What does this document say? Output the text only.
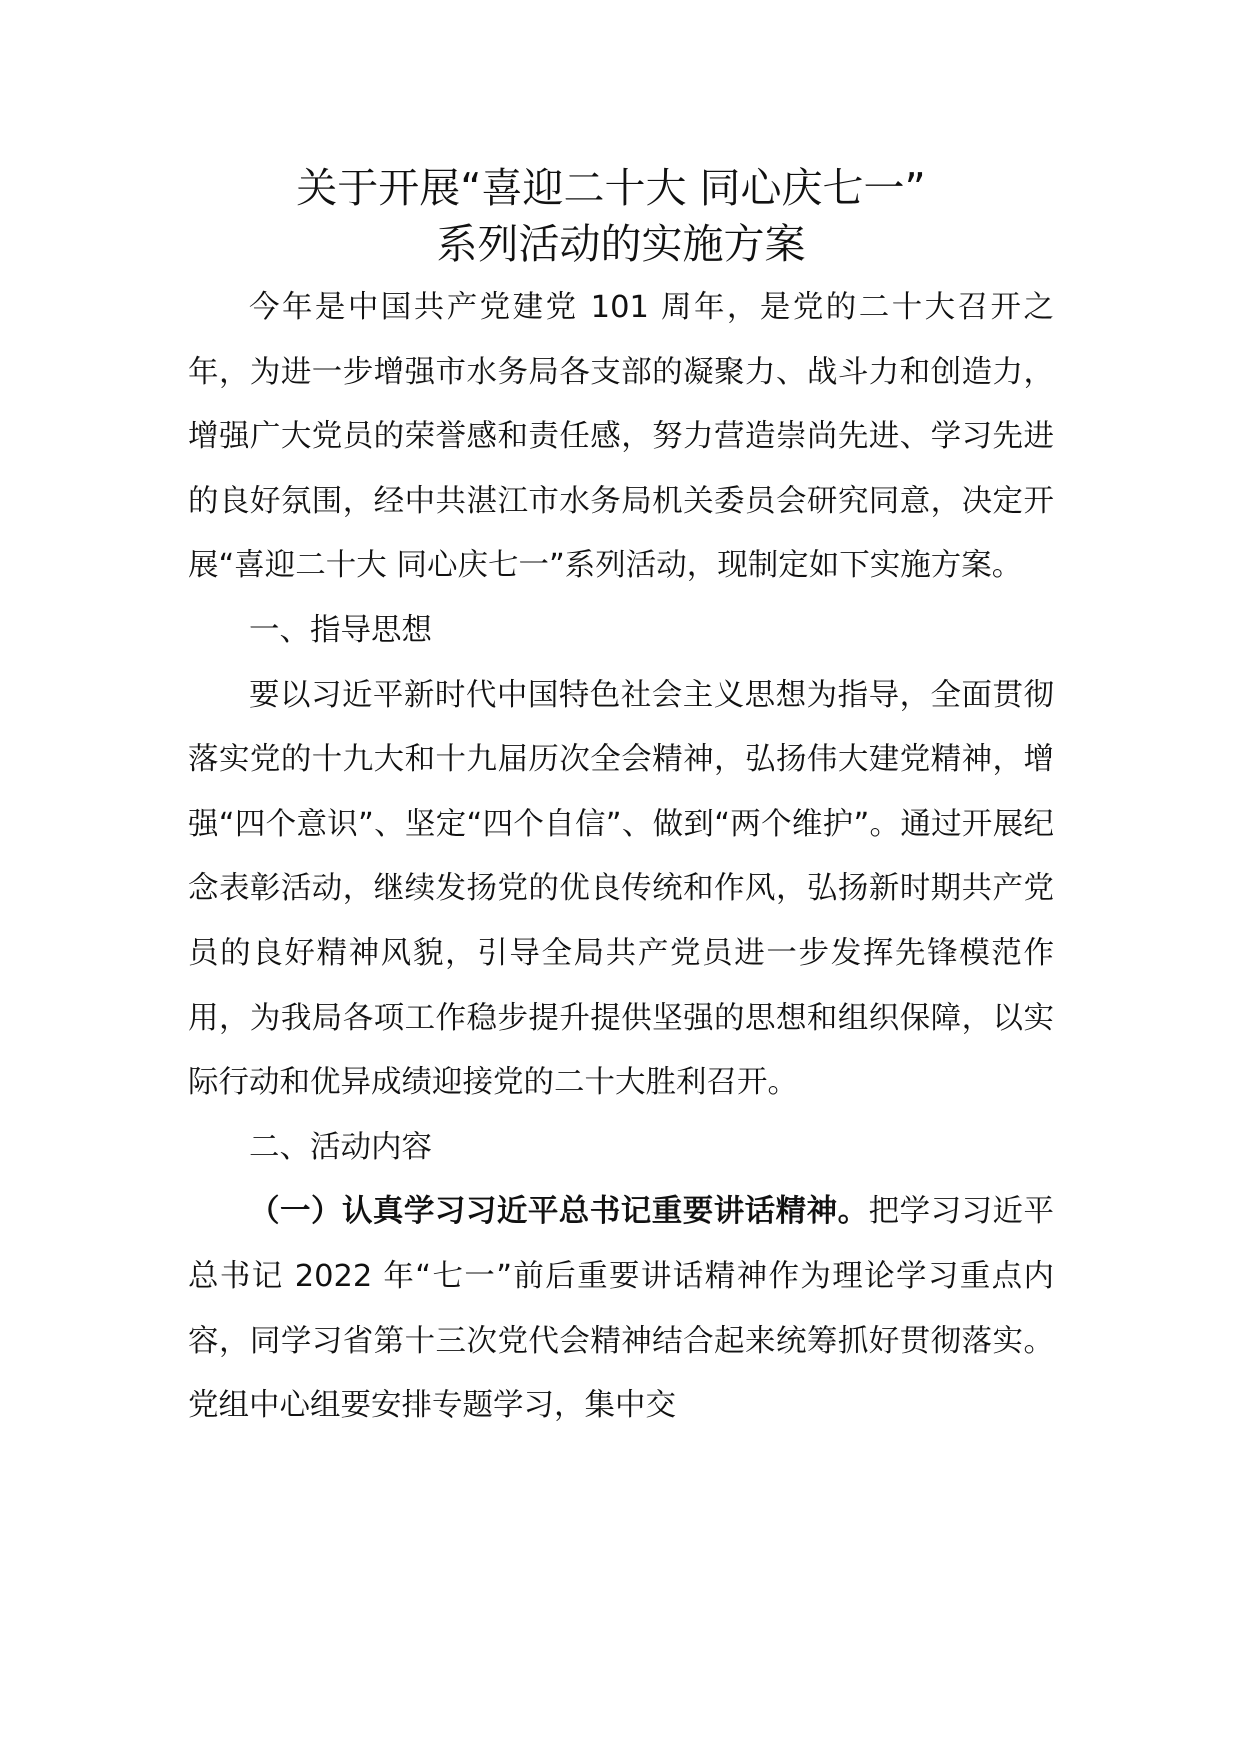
关于开展“喜迎二十大 同心庆七一”
系列活动的实施方案

今年是中国共产党建党 101 周年，是党的二十大召开之年，为进一步增强市水务局各支部的凝聚力、战斗力和创造力，增强广大党员的荣誉感和责任感，努力营造崇尚先进、学习先进的良好氛围，经中共湛江市水务局机关委员会研究同意，决定开展“喜迎二十大 同心庆七一”系列活动，现制定如下实施方案。

一、指导思想

要以习近平新时代中国特色社会主义思想为指导，全面贯彻落实党的十九大和十九届历次全会精神，弘扬伟大建党精神，增强“四个意识”、坚定“四个自信”、做到“两个维护”。通过开展纪念表彰活动，继续发扬党的优良传统和作风，弘扬新时期共产党员的良好精神风貌，引导全局共产党员进一步发挥先锋模范作用，为我局各项工作稳步提升提供坚强的思想和组织保障，以实际行动和优异成绩迎接党的二十大胜利召开。

二、活动内容

（一）认真学习习近平总书记重要讲话精神。把学习习近平总书记 2022 年“七一”前后重要讲话精神作为理论学习重点内容，同学习省第十三次党代会精神结合起来统筹抓好贯彻落实。党组中心组要安排专题学习，集中交
